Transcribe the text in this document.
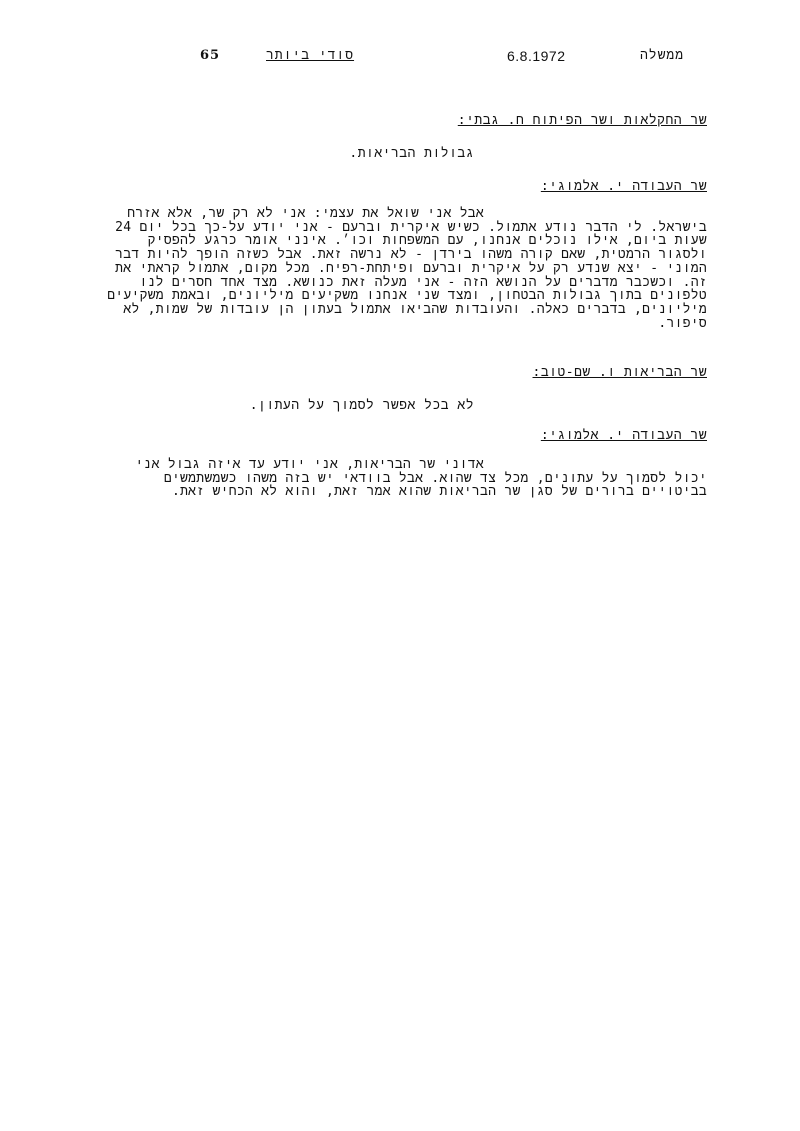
65	סודי ביותר	6.8.1972	ממשלה
שר החקלאות ושר הפיתוח ח. גבתי:
גבולות הבריאות.
שר העבודה י. אלמוגי:
אבל אני שואל את עצמי: אני לא רק שר, אלא אזרח
בישראל. לי הדבר נודע אתמול. כשיש איקרית וברעם - אני יודע על-כך בכל יום 24
שעות ביום, אילו נוכלים אנחנו, עם המשפחות וכו׳. אינני אומר כרגע להפסיק
ולסגור הרמטית, שאם קורה משהו בירדן - לא נרשה זאת. אבל כשזה הופך להיות דבר
המוני - יצא שנדע רק על איקרית וברעם ופיתחת-רפיח. מכל מקום, אתמול קראתי את
זה. וכשכבר מדברים על הנושא הזה - אני מעלה זאת כנושא. מצד אחד חסרים לנו
טלפונים בתוך גבולות הבטחון, ומצד שני אנחנו משקיעים מיליונים, ובאמת משקיעים
מיליונים, בדברים כאלה. והעובדות שהביאו אתמול בעתון הן עובדות של שמות, לא
סיפור.
שר הבריאות ו. שם-טוב:
לא בכל אפשר לסמוך על העתון.
שר העבודה י. אלמוגי:
אדוני שר הבריאות, אני יודע עד איזה גבול אני
יכול לסמוך על עתונים, מכל צד שהוא. אבל בוודאי יש בזה משהו כשמשתמשים
בביטויים ברורים של סגן שר הבריאות שהוא אמר זאת, והוא לא הכחיש זאת.
